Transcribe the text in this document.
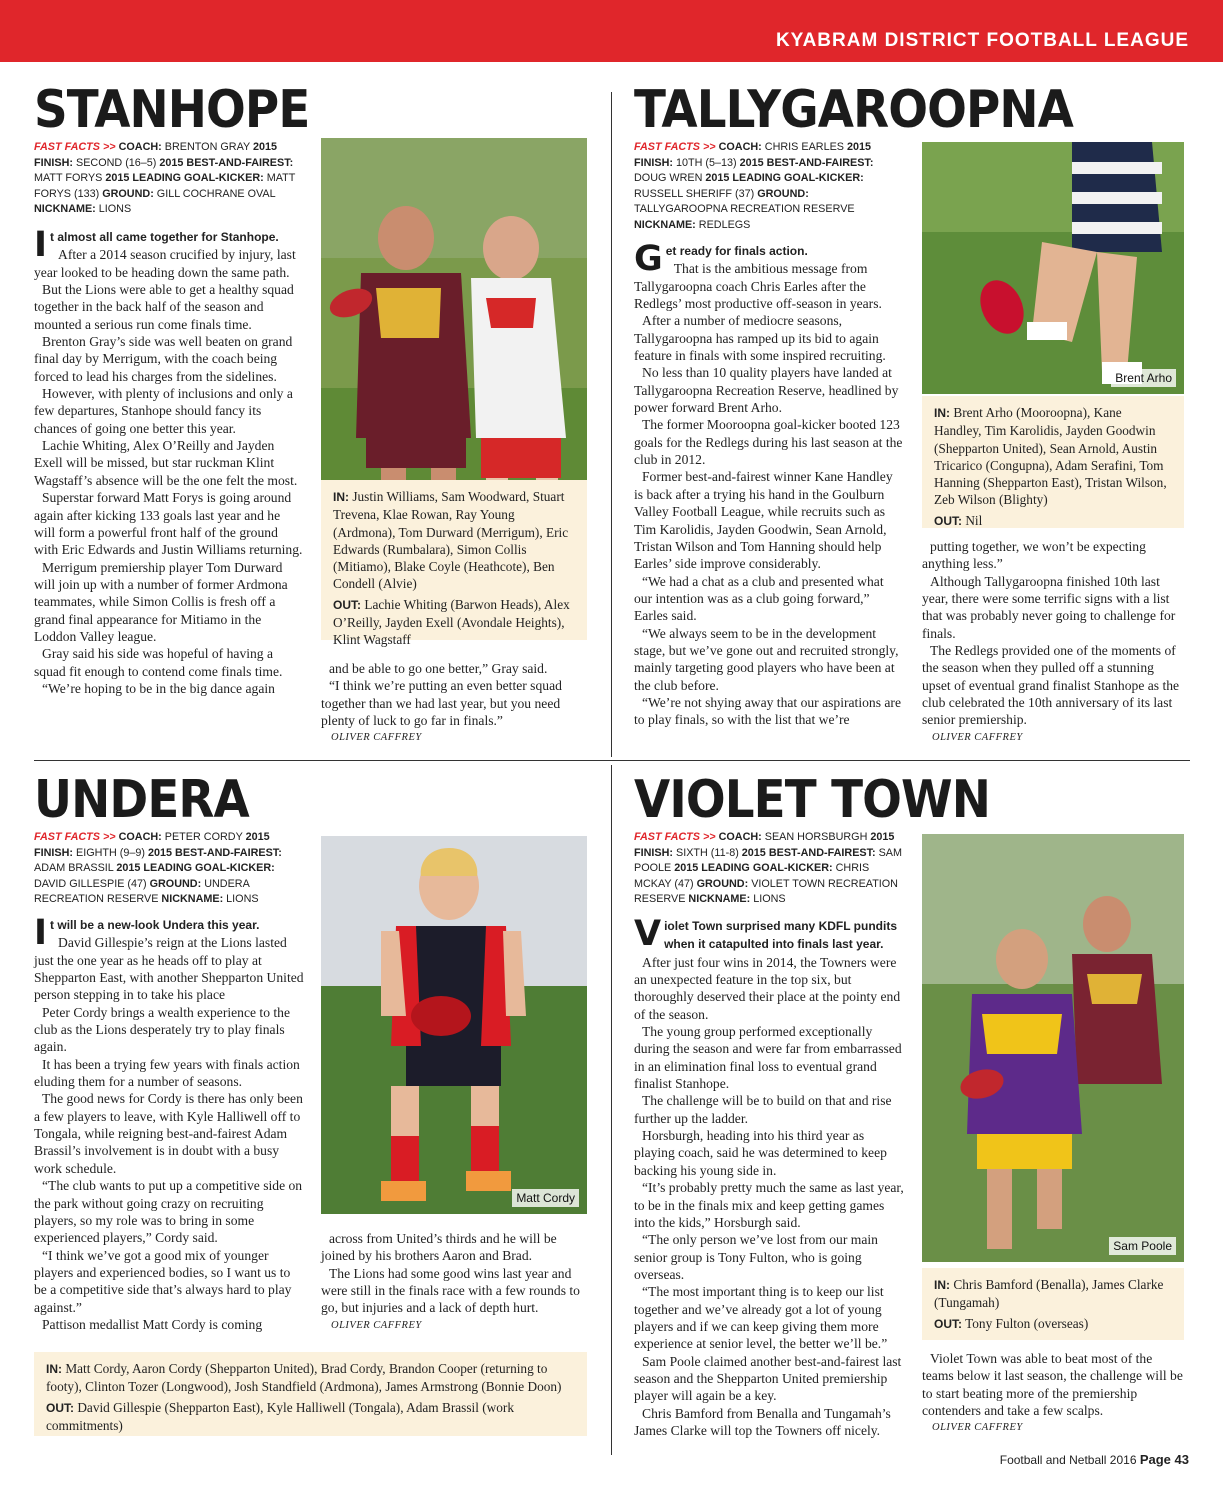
KYABRAM DISTRICT FOOTBALL LEAGUE
STANHOPE
FAST FACTS >> COACH: BRENTON GRAY 2015 FINISH: SECOND (16–5) 2015 BEST-AND-FAIREST: MATT FORYS 2015 LEADING GOAL-KICKER: MATT FORYS (133) GROUND: GILL COCHRANE OVAL NICKNAME: LIONS
It almost all came together for Stanhope.

After a 2014 season crucified by injury, last year looked to be heading down the same path.

But the Lions were able to get a healthy squad together in the back half of the season and mounted a serious run come finals time.

Brenton Gray’s side was well beaten on grand final day by Merrigum, with the coach being forced to lead his charges from the sidelines.

However, with plenty of inclusions and only a few departures, Stanhope should fancy its chances of going one better this year.

Lachie Whiting, Alex O’Reilly and Jayden Exell will be missed, but star ruckman Klint Wagstaff’s absence will be the one felt the most.

Superstar forward Matt Forys is going around again after kicking 133 goals last year and he will form a powerful front half of the ground with Eric Edwards and Justin Williams returning.

Merrigum premiership player Tom Durward will join up with a number of former Ardmona teammates, while Simon Collis is fresh off a grand final appearance for Mitiamo in the Loddon Valley league.

Gray said his side was hopeful of having a squad fit enough to contend come finals time.

“We’re hoping to be in the big dance again

IN: Justin Williams, Sam Woodward, Stuart Trevena, Klae Rowan, Ray Young (Ardmona), Tom Durward (Merrigum), Eric Edwards (Rumbalara), Simon Collis (Mitiamo), Blake Coyle (Heathcote), Ben Condell (Alvie)

OUT: Lachie Whiting (Barwon Heads), Alex O’Reilly, Jayden Exell (Avondale Heights), Klint Wagstaff

and be able to go one better,” Gray said.

“I think we’re putting an even better squad together than we had last year, but you need plenty of luck to go far in finals.”

OLIVER CAFFREY
TALLYGAROOPNA
FAST FACTS >> COACH: CHRIS EARLES 2015 FINISH: 10TH (5–13) 2015 BEST-AND-FAIREST: DOUG WREN 2015 LEADING GOAL-KICKER: RUSSELL SHERIFF (37) GROUND: TALLYGAROOPNA RECREATION RESERVE NICKNAME: REDLEGS
Get ready for finals action.

That is the ambitious message from Tallygaroopna coach Chris Earles after the Redlegs’ most productive off-season in years.

After a number of mediocre seasons, Tallygaroopna has ramped up its bid to again feature in finals with some inspired recruiting.

No less than 10 quality players have landed at Tallygaroopna Recreation Reserve, headlined by power forward Brent Arho.

The former Mooroopna goal-kicker booted 123 goals for the Redlegs during his last season at the club in 2012.

Former best-and-fairest winner Kane Handley is back after a trying his hand in the Goulburn Valley Football League, while recruits such as Tim Karolidis, Jayden Goodwin, Sean Arnold, Tristan Wilson and Tom Hanning should help Earles’ side improve considerably.

“We had a chat as a club and presented what our intention was as a club going forward,” Earles said.

“We always seem to be in the development stage, but we’ve gone out and recruited strongly, mainly targeting good players who have been at the club before.

“We’re not shying away that our aspirations are to play finals, so with the list that we’re

Brent Arho

IN: Brent Arho (Mooroopna), Kane Handley, Tim Karolidis, Jayden Goodwin (Shepparton United), Sean Arnold, Austin Tricarico (Congupna), Adam Serafini, Tom Hanning (Shepparton East), Tristan Wilson, Zeb Wilson (Blighty)

OUT: Nil

putting together, we won’t be expecting anything less.”

Although Tallygaroopna finished 10th last year, there were some terrific signs with a list that was probably never going to challenge for finals.

The Redlegs provided one of the moments of the season when they pulled off a stunning upset of eventual grand finalist Stanhope as the club celebrated the 10th anniversary of its last senior premiership.

OLIVER CAFFREY
UNDERA
FAST FACTS >> COACH: PETER CORDY 2015 FINISH: EIGHTH (9–9) 2015 BEST-AND-FAIREST: ADAM BRASSIL 2015 LEADING GOAL-KICKER: DAVID GILLESPIE (47) GROUND: UNDERA RECREATION RESERVE NICKNAME: LIONS
It will be a new-look Undera this year.

David Gillespie’s reign at the Lions lasted just the one year as he heads off to play at Shepparton East, with another Shepparton United person stepping in to take his place

Peter Cordy brings a wealth experience to the club as the Lions desperately try to play finals again.

It has been a trying few years with finals action eluding them for a number of seasons.

The good news for Cordy is there has only been a few players to leave, with Kyle Halliwell off to Tongala, while reigning best-and-fairest Adam Brassil’s involvement is in doubt with a busy work schedule.

“The club wants to put up a competitive side on the park without going crazy on recruiting players, so my role was to bring in some experienced players,” Cordy said.

“I think we’ve got a good mix of younger players and experienced bodies, so I want us to be a competitive side that’s always hard to play against.”

Pattison medallist Matt Cordy is coming

Matt Cordy

across from United’s thirds and he will be joined by his brothers Aaron and Brad.

The Lions had some good wins last year and were still in the finals race with a few rounds to go, but injuries and a lack of depth hurt.

OLIVER CAFFREY

IN: Matt Cordy, Aaron Cordy (Shepparton United), Brad Cordy, Brandon Cooper (returning to footy), Clinton Tozer (Longwood), Josh Standfield (Ardmona), James Armstrong (Bonnie Doon)

OUT: David Gillespie (Shepparton East), Kyle Halliwell (Tongala), Adam Brassil (work commitments)

VIOLET TOWN
FAST FACTS >> COACH: SEAN HORSBURGH 2015 FINISH: SIXTH (11-8) 2015 BEST-AND-FAIREST: SAM POOLE 2015 LEADING GOAL-KICKER: CHRIS MCKAY (47) GROUND: VIOLET TOWN RECREATION RESERVE NICKNAME: LIONS
Violet Town surprised many KDFL pundits when it catapulted into finals last year.

After just four wins in 2014, the Towners were an unexpected feature in the top six, but thoroughly deserved their place at the pointy end of the season.

The young group performed exceptionally during the season and were far from embarrassed in an elimination final loss to eventual grand finalist Stanhope.

The challenge will be to build on that and rise further up the ladder.

Horsburgh, heading into his third year as playing coach, said he was determined to keep backing his young side in.

“It’s probably pretty much the same as last year, to be in the finals mix and keep getting games into the kids,” Horsburgh said.

“The only person we’ve lost from our main senior group is Tony Fulton, who is going overseas.

“The most important thing is to keep our list together and we’ve already got a lot of young players and if we can keep giving them more experience at senior level, the better we’ll be.”

Sam Poole claimed another best-and-fairest last season and the Shepparton United premiership player will again be a key.

Chris Bamford from Benalla and Tungamah’s James Clarke will top the Towners off nicely.

Sam Poole

IN: Chris Bamford (Benalla), James Clarke (Tungamah)

OUT: Tony Fulton (overseas)

Violet Town was able to beat most of the teams below it last season, the challenge will be to start beating more of the premiership contenders and take a few scalps.

OLIVER CAFFREY
Football and Netball 2016 Page 43
